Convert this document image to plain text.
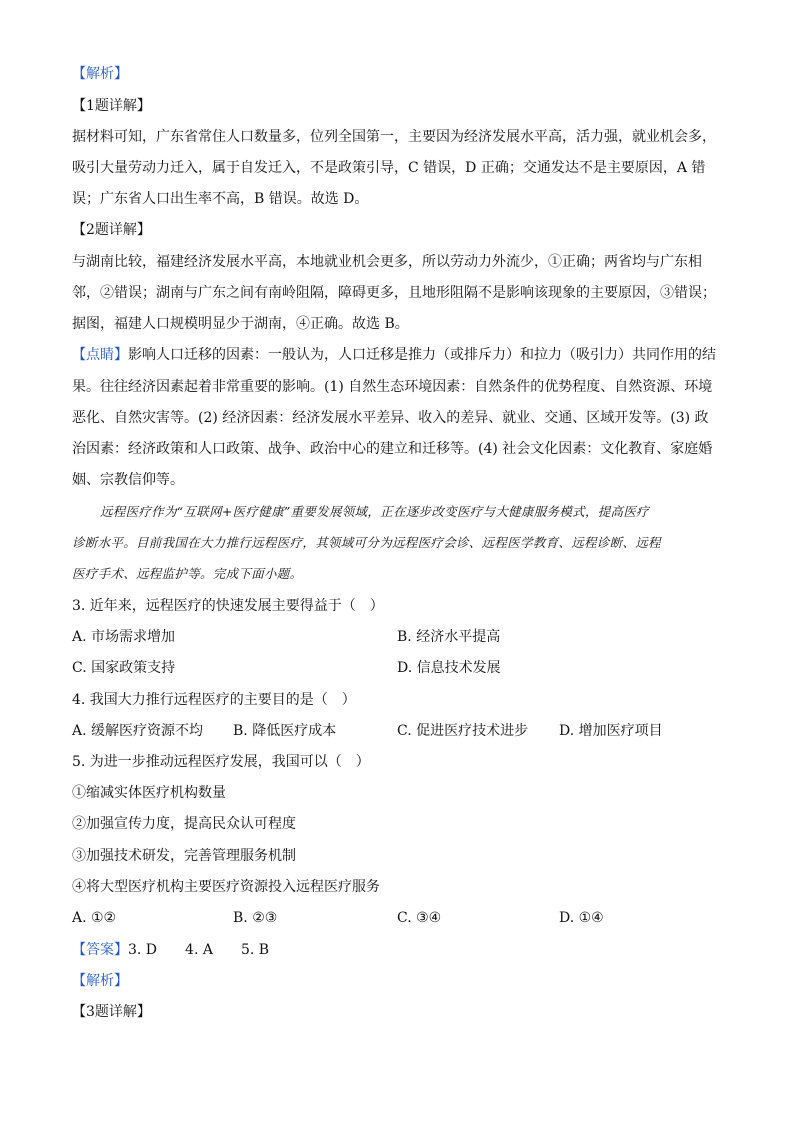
【解析】
【1题详解】
据材料可知，广东省常住人口数量多，位列全国第一，主要因为经济发展水平高，活力强，就业机会多，
吸引大量劳动力迁入，属于自发迁入，不是政策引导，C 错误，D 正确；交通发达不是主要原因，A 错
误；广东省人口出生率不高，B 错误。故选 D。
【2题详解】
与湖南比较，福建经济发展水平高，本地就业机会更多，所以劳动力外流少，①正确；两省均与广东相
邻，②错误；湖南与广东之间有南岭阻隔，障碍更多，且地形阻隔不是影响该现象的主要原因，③错误；
据图，福建人口规模明显少于湖南，④正确。故选 B。
【点睛】影响人口迁移的因素：一般认为，人口迁移是推力（或排斥力）和拉力（吸引力）共同作用的结
果。往往经济因素起着非常重要的影响。(1) 自然生态环境因素：自然条件的优势程度、自然资源、环境
恶化、自然灾害等。(2) 经济因素：经济发展水平差异、收入的差异、就业、交通、区域开发等。(3) 政
治因素：经济政策和人口政策、战争、政治中心的建立和迁移等。(4) 社会文化因素：文化教育、家庭婚
姻、宗教信仰等。
远程医疗作为“互联网+医疗健康”重要发展领域，正在逐步改变医疗与大健康服务模式，提高医疗
诊断水平。目前我国在大力推行远程医疗，其领域可分为远程医疗会诊、远程医学教育、远程诊断、远程
医疗手术、远程监护等。完成下面小题。
3. 近年来，远程医疗的快速发展主要得益于（　）
A. 市场需求增加	B. 经济水平提高
C. 国家政策支持	D. 信息技术发展
4. 我国大力推行远程医疗的主要目的是（　）
A. 缓解医疗资源不均 B. 降低医疗成本	C. 促进医疗技术进步 D. 增加医疗项目
5. 为进一步推动远程医疗发展，我国可以（　）
①缩减实体医疗机构数量
②加强宣传力度，提高民众认可程度
③加强技术研发，完善管理服务机制
④将大型医疗机构主要医疗资源投入远程医疗服务
A. ①②	B. ②③	C. ③④	D. ①④
【答案】3. D　　4. A　　5. B
【解析】
【3题详解】
